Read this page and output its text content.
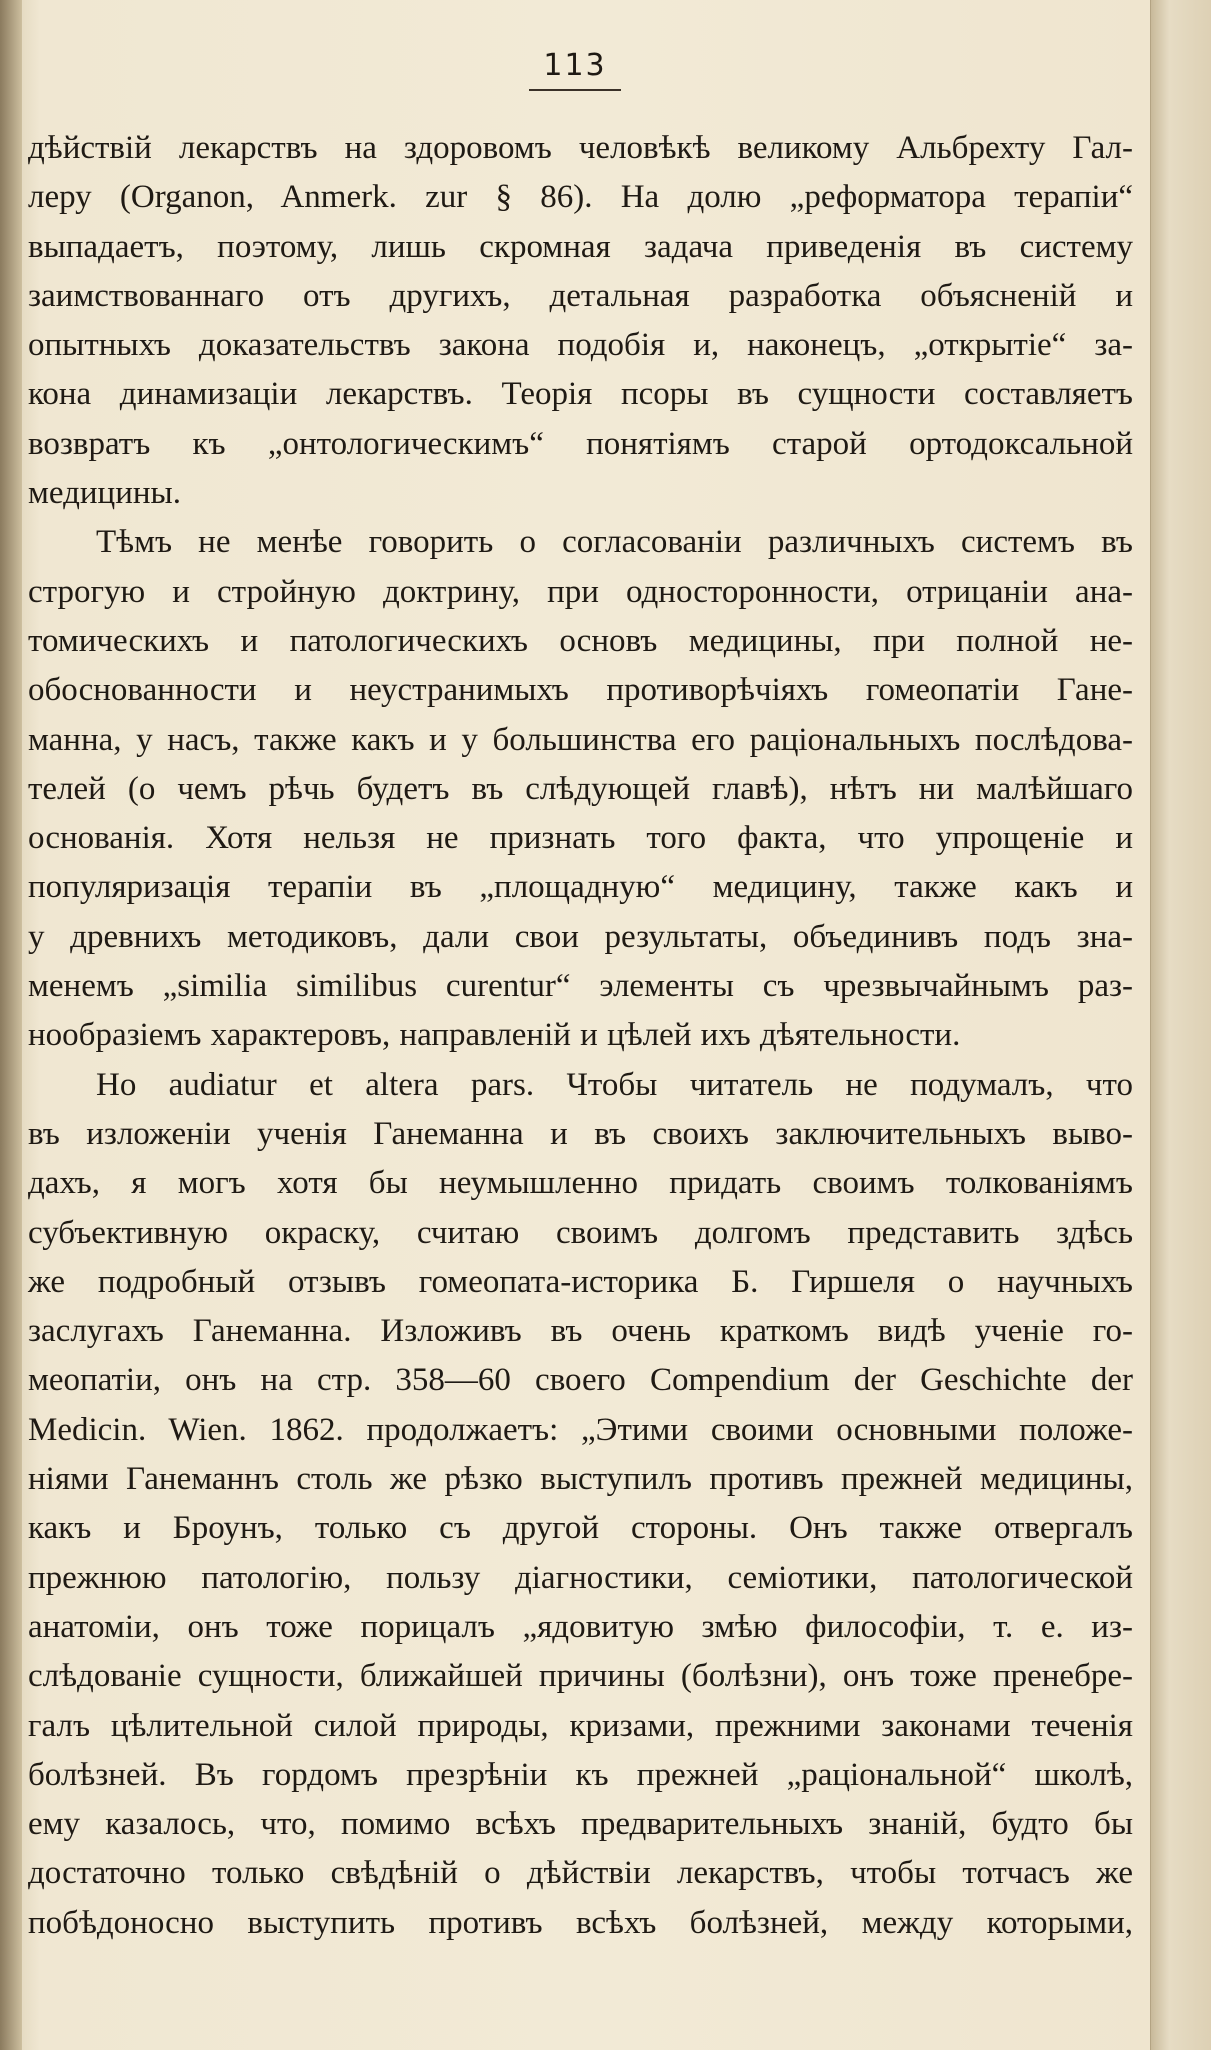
113
дѣйствій лекарствъ на здоровомъ человѣкѣ великому Альбрехту Гал-
леру (Organon, Anmerk. zur § 86). На долю „реформатора терапіи“
выпадаетъ, поэтому, лишь скромная задача приведенія въ систему
заимствованнаго отъ другихъ, детальная разработка объясненій и
опытныхъ доказательствъ закона подобія и, наконецъ, „открытіе“ за-
кона динамизаціи лекарствъ. Теорія псоры въ сущности составляетъ
возвратъ къ „онтологическимъ“ понятіямъ старой ортодоксальной
медицины.
Тѣмъ не менѣе говорить о согласованіи различныхъ системъ въ
строгую и стройную доктрину, при односторонности, отрицаніи ана-
томическихъ и патологическихъ основъ медицины, при полной не-
обоснованности и неустранимыхъ противорѣчіяхъ гомеопатіи Гане-
манна, у насъ, также какъ и у большинства его раціональныхъ послѣдова-
телей (о чемъ рѣчь будетъ въ слѣдующей главѣ), нѣтъ ни малѣйшаго
основанія. Хотя нельзя не признать того факта, что упрощеніе и
популяризація терапіи въ „площадную“ медицину, также какъ и
у древнихъ методиковъ, дали свои результаты, объединивъ подъ зна-
менемъ „similia similibus curentur“ элементы съ чрезвычайнымъ раз-
нообразіемъ характеровъ, направленій и цѣлей ихъ дѣятельности.
Но audiatur et altera pars. Чтобы читатель не подумалъ, что
въ изложеніи ученія Ганеманна и въ своихъ заключительныхъ выво-
дахъ, я могъ хотя бы неумышленно придать своимъ толкованіямъ
субъективную окраску, считаю своимъ долгомъ представить здѣсь
же подробный отзывъ гомеопата-историка Б. Гиршеля о научныхъ
заслугахъ Ганеманна. Изложивъ въ очень краткомъ видѣ ученіе го-
меопатіи, онъ на стр. 358—60 своего Compendium der Geschichte der
Medicin. Wien. 1862. продолжаетъ: „Этими своими основными положе-
ніями Ганеманнъ столь же рѣзко выступилъ противъ прежней медицины,
какъ и Броунъ, только съ другой стороны. Онъ также отвергалъ
прежнюю патологію, пользу діагностики, семіотики, патологической
анатоміи, онъ тоже порицалъ „ядовитую змѣю философіи, т. е. из-
слѣдованіе сущности, ближайшей причины (болѣзни), онъ тоже пренебре-
галъ цѣлительной силой природы, кризами, прежними законами теченія
болѣзней. Въ гордомъ презрѣніи къ прежней „раціональной“ школѣ,
ему казалось, что, помимо всѣхъ предварительныхъ знаній, будто бы
достаточно только свѣдѣній о дѣйствіи лекарствъ, чтобы тотчасъ же
побѣдоносно выступить противъ всѣхъ болѣзней, между которыми,
